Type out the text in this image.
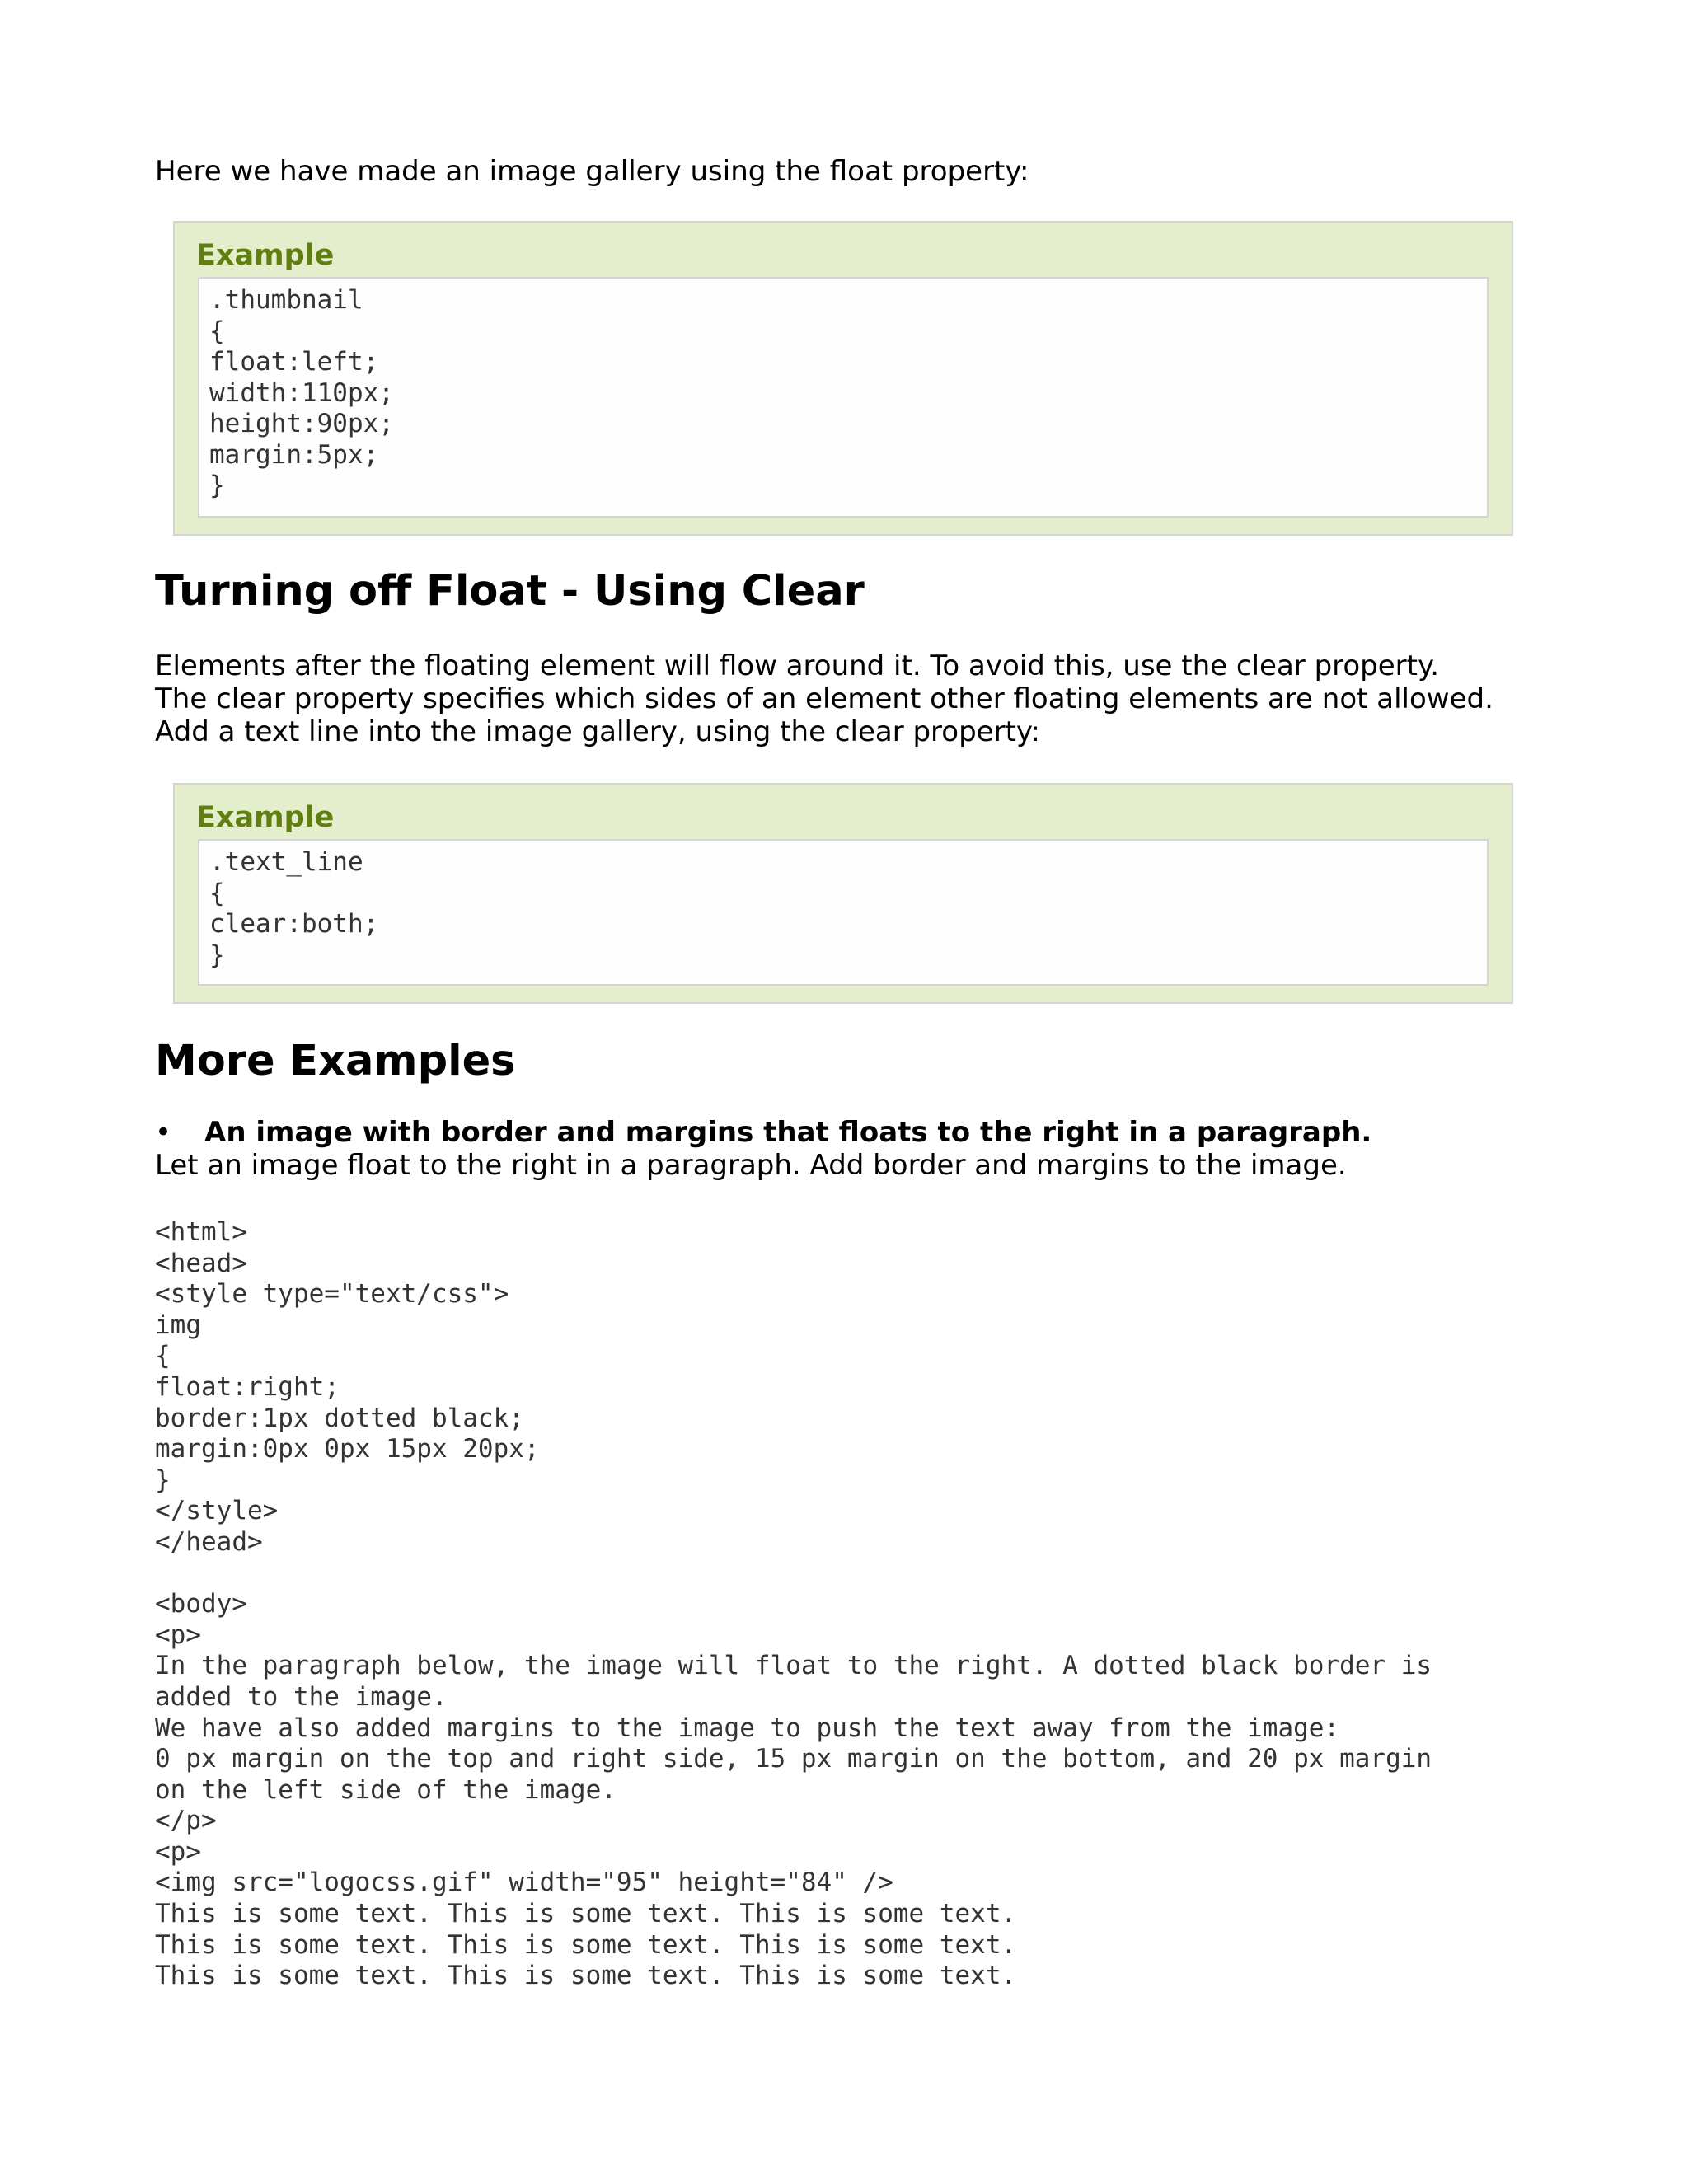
Here we have made an image gallery using the float property:

Example
.thumbnail
{
float:left;
width:110px;
height:90px;
margin:5px;
}
Turning off Float - Using Clear

Elements after the floating element will flow around it. To avoid this, use the clear property.

The clear property specifies which sides of an element other floating elements are not allowed.

Add a text line into the image gallery, using the clear property:

Example
.text_line
{
clear:both;
}
More Examples
• An image with border and margins that floats to the right in a paragraph.

Let an image float to the right in a paragraph. Add border and margins to the image.

<html>
<head>
<style type="text/css">
img
{
float:right;
border:1px dotted black;
margin:0px 0px 15px 20px;
}
</style>
</head>

<body>
<p>
In the paragraph below, the image will float to the right. A dotted black border is
added to the image.
We have also added margins to the image to push the text away from the image:
0 px margin on the top and right side, 15 px margin on the bottom, and 20 px margin
on the left side of the image.
</p>
<p>
<img src="logocss.gif" width="95" height="84" />
This is some text. This is some text. This is some text.
This is some text. This is some text. This is some text.
This is some text. This is some text. This is some text.
